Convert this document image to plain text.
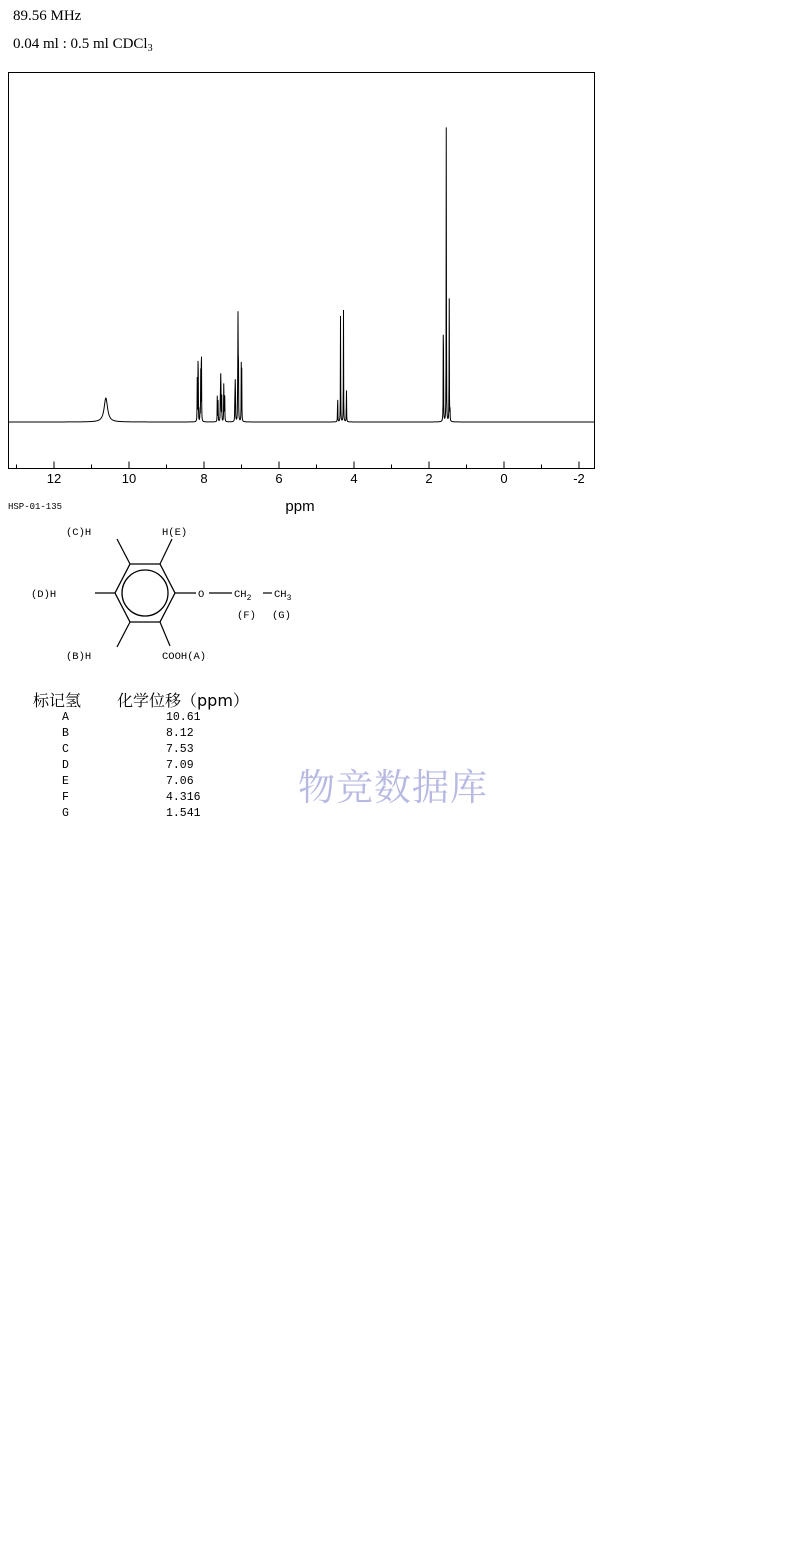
89.56 MHz
0.04 ml : 0.5 ml CDCl$_3$
12	10	8	6	4	2	0	-2
ppm
HSP-01-135
(C)H	H(E)
(D)H	O	$CH_2$ $CH_3$
(F) (G)
(B)H	COOH(A)
标记氢 化学位移（ppm）
A	10.61
B	8.12
C	7.53
D	7.09
E	7.06
F	4.316
G	1.541
物竞数据库
